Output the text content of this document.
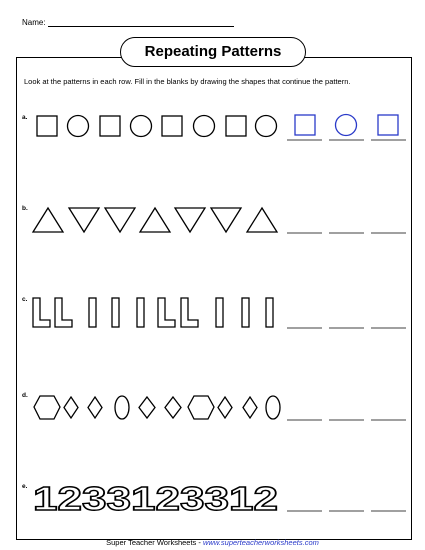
Name:
Repeating Patterns
Look at the patterns in each row. Fill in the blanks by drawing the shapes that continue the pattern.
a.
b.
c.
d.
e. 1233123312
Super Teacher Worksheets - www.superteacherworksheets.com
